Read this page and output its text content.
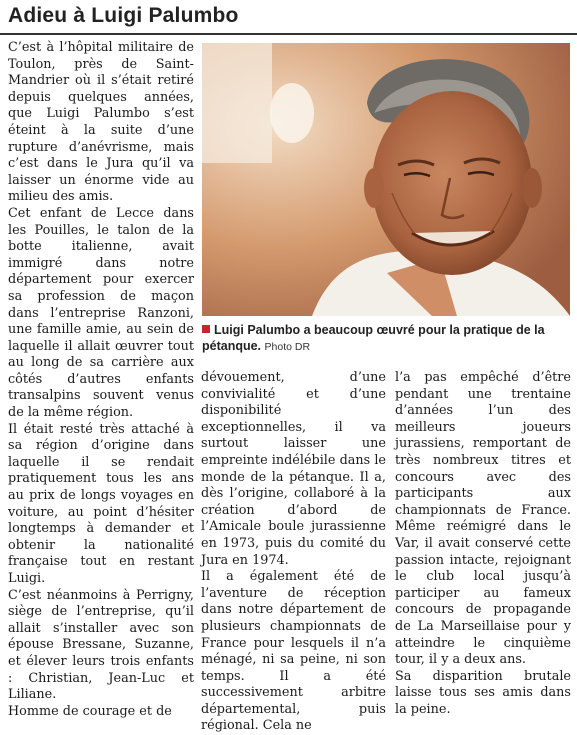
Adieu à Luigi Palumbo

C’est à l’hôpital militaire de Toulon, près de Saint-Mandrier où il s’était retiré depuis quelques années, que Luigi Palumbo s’est éteint à la suite d’une rupture d’anévrisme, mais c’est dans le Jura qu’il va laisser un énorme vide au milieu des amis.

Cet enfant de Lecce dans les Pouilles, le talon de la botte italienne, avait immigré dans notre département pour exercer sa profession de maçon dans l’entreprise Ranzoni, une famille amie, au sein de laquelle il allait œuvrer tout au long de sa carrière aux côtés d’autres enfants transalpins souvent venus de la même région.

Il était resté très attaché à sa région d’origine dans laquelle il se rendait pratiquement tous les ans au prix de longs voyages en voiture, au point d’hésiter longtemps à demander et obtenir la nationalité française tout en restant Luigi.

C’est néanmoins à Perrigny, siège de l’entreprise, qu’il allait s’installer avec son épouse Bressane, Suzanne, et élever leurs trois enfants : Christian, Jean-Luc et Liliane.

Homme de courage et de

Luigi Palumbo a beaucoup œuvré pour la pratique de la pétanque. Photo DR

dévouement, d’une convivialité et d’une disponibilité exceptionnelles, il va surtout laisser une empreinte indélébile dans le monde de la pétanque. Il a, dès l’origine, collaboré à la création d’abord de l’Amicale boule jurassienne en 1973, puis du comité du Jura en 1974.

Il a également été de l’aventure de réception dans notre département de plusieurs championnats de France pour lesquels il n’a ménagé, ni sa peine, ni son temps. Il a été successivement arbitre départemental, puis régional. Cela ne

l’a pas empêché d’être pendant une trentaine d’années l’un des meilleurs joueurs jurassiens, remportant de très nombreux titres et concours avec des participants aux championnats de France. Même reémigré dans le Var, il avait conservé cette passion intacte, rejoignant le club local jusqu’à participer au fameux concours de propagande de La Marseillaise pour y atteindre le cinquième tour, il y a deux ans.

Sa disparition brutale laisse tous ses amis dans la peine.
